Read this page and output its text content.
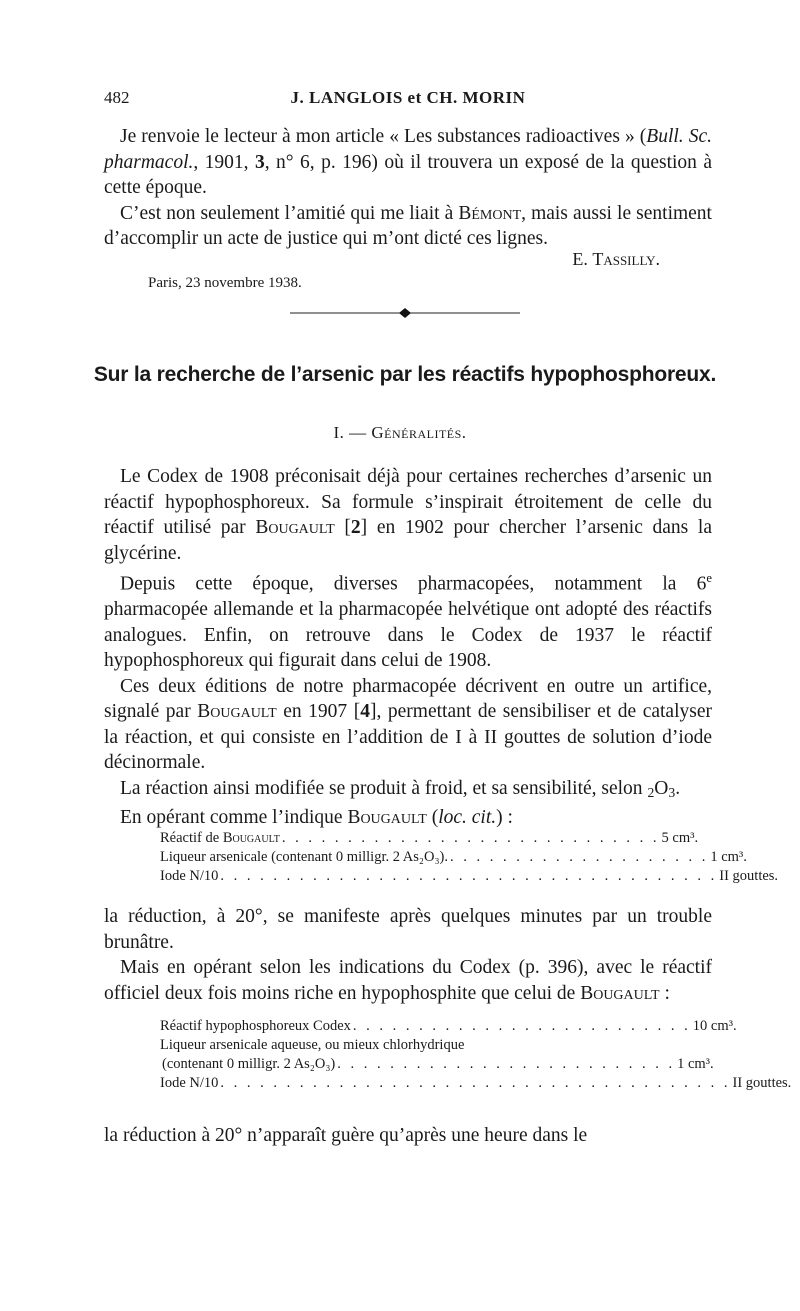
482	J. LANGLOIS et CH. MORIN

Je renvoie le lecteur à mon article « Les substances radioactives » (Bull. Sc. pharmacol., 1901, 3, n° 6, p. 196) où il trouvera un exposé de la question à cette époque.

C’est non seulement l’amitié qui me liait à Bémont, mais aussi le sentiment d’accomplir un acte de justice qui m’ont dicté ces lignes.

E. Tassilly.
Paris, 23 novembre 1938.
Sur la recherche de l’arsenic par les réactifs hypophosphoreux.
I. — Généralités.

Le Codex de 1908 préconisait déjà pour certaines recherches d’arsenic un réactif hypophosphoreux. Sa formule s’inspirait étroitement de celle du réactif utilisé par Bougault [2] en 1902 pour chercher l’arsenic dans la glycérine.

Depuis cette époque, diverses pharmacopées, notamment la 6e pharmacopée allemande et la pharmacopée helvétique ont adopté des réactifs analogues. Enfin, on retrouve dans le Codex de 1937 le réactif hypophosphoreux qui figurait dans celui de 1908.

Ces deux éditions de notre pharmacopée décrivent en outre un artifice, signalé par Bougault en 1907 [4], permettant de sensibiliser et de catalyser la réaction, et qui consiste en l’addition de I à II gouttes de solution d’iode décinormale.

La réaction ainsi modifiée se produit à froid, et sa sensibilité, selon $_2O_3$.

En opérant comme l’indique Bougault (loc. cit.) :

Réactif de Bougault . . . . . . . . . . . . . . . . . . . . . . . . . . . . . 5 cm³.
Liqueur arsenicale (contenant 0 milligr. 2 As₂O₃). . . . . . . . . . . . . . . . . . . . . 1 cm³.
Iode N/10 . . . . . . . . . . . . . . . . . . . . . . . . . . . . . . . . . . . . . . II gouttes.

la réduction, à 20°, se manifeste après quelques minutes par un trouble brunâtre.

Mais en opérant selon les indications du Codex (p. 396), avec le réactif officiel deux fois moins riche en hypophosphite que celui de Bougault :

Réactif hypophosphoreux Codex . . . . . . . . . . . . . . . . . . . . . . . . . . 10 cm³.
Liqueur arsenicale aqueuse, ou mieux chlorhydrique
(contenant 0 milligr. 2 As₂O₃) . . . . . . . . . . . . . . . . . . . . . . . . . . 1 cm³.
Iode N/10 . . . . . . . . . . . . . . . . . . . . . . . . . . . . . . . . . . . . . . . II gouttes.

la réduction à 20° n’apparaît guère qu’après une heure dans le
